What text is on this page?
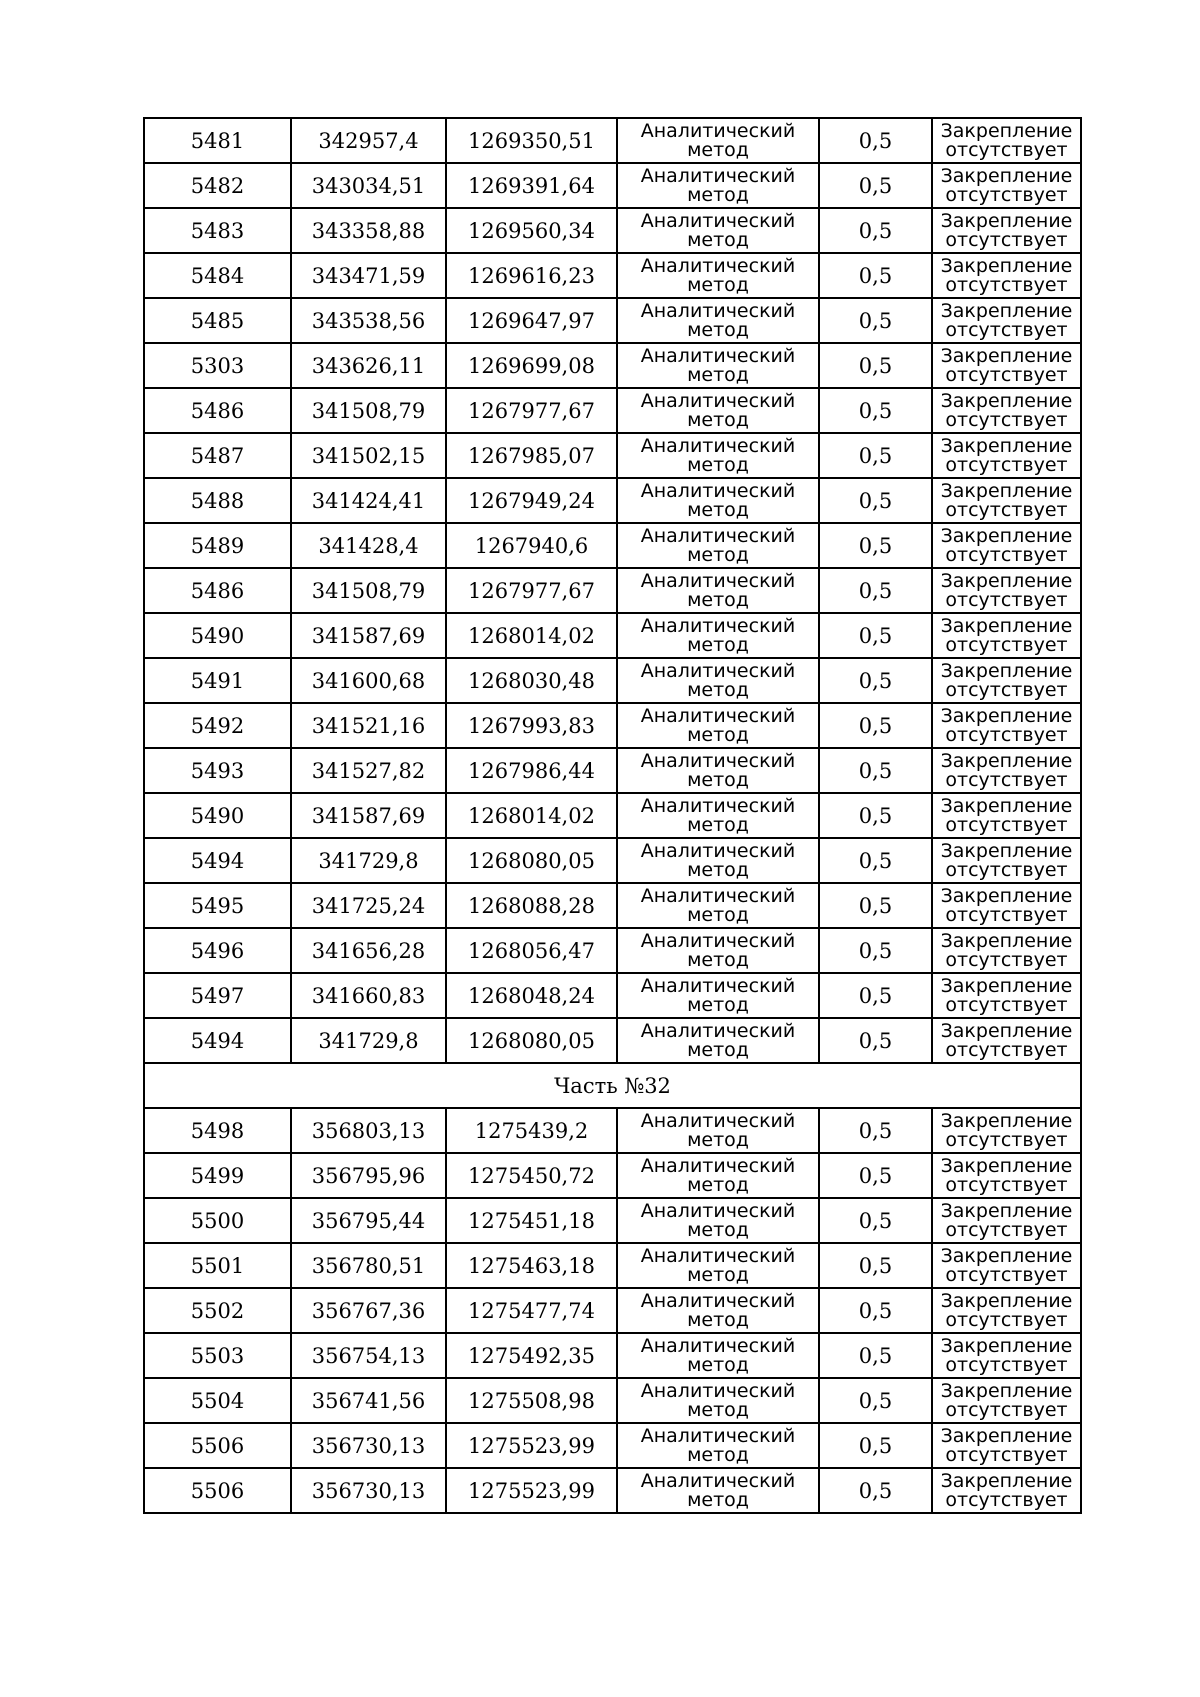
5481	342957,4	1269350,51	Аналитический метод	0,5	Закрепление отсутствует
5482	343034,51	1269391,64	Аналитический метод	0,5	Закрепление отсутствует
5483	343358,88	1269560,34	Аналитический метод	0,5	Закрепление отсутствует
5484	343471,59	1269616,23	Аналитический метод	0,5	Закрепление отсутствует
5485	343538,56	1269647,97	Аналитический метод	0,5	Закрепление отсутствует
5303	343626,11	1269699,08	Аналитический метод	0,5	Закрепление отсутствует
5486	341508,79	1267977,67	Аналитический метод	0,5	Закрепление отсутствует
5487	341502,15	1267985,07	Аналитический метод	0,5	Закрепление отсутствует
5488	341424,41	1267949,24	Аналитический метод	0,5	Закрепление отсутствует
5489	341428,4	1267940,6	Аналитический метод	0,5	Закрепление отсутствует
5486	341508,79	1267977,67	Аналитический метод	0,5	Закрепление отсутствует
5490	341587,69	1268014,02	Аналитический метод	0,5	Закрепление отсутствует
5491	341600,68	1268030,48	Аналитический метод	0,5	Закрепление отсутствует
5492	341521,16	1267993,83	Аналитический метод	0,5	Закрепление отсутствует
5493	341527,82	1267986,44	Аналитический метод	0,5	Закрепление отсутствует
5490	341587,69	1268014,02	Аналитический метод	0,5	Закрепление отсутствует
5494	341729,8	1268080,05	Аналитический метод	0,5	Закрепление отсутствует
5495	341725,24	1268088,28	Аналитический метод	0,5	Закрепление отсутствует
5496	341656,28	1268056,47	Аналитический метод	0,5	Закрепление отсутствует
5497	341660,83	1268048,24	Аналитический метод	0,5	Закрепление отсутствует
5494	341729,8	1268080,05	Аналитический метод	0,5	Закрепление отсутствует
Часть №32					
5498	356803,13	1275439,2	Аналитический метод	0,5	Закрепление отсутствует
5499	356795,96	1275450,72	Аналитический метод	0,5	Закрепление отсутствует
5500	356795,44	1275451,18	Аналитический метод	0,5	Закрепление отсутствует
5501	356780,51	1275463,18	Аналитический метод	0,5	Закрепление отсутствует
5502	356767,36	1275477,74	Аналитический метод	0,5	Закрепление отсутствует
5503	356754,13	1275492,35	Аналитический метод	0,5	Закрепление отсутствует
5504	356741,56	1275508,98	Аналитический метод	0,5	Закрепление отсутствует
5506	356730,13	1275523,99	Аналитический метод	0,5	Закрепление отсутствует
5506	356730,13	1275523,99	Аналитический метод	0,5	Закрепление отсутствует
